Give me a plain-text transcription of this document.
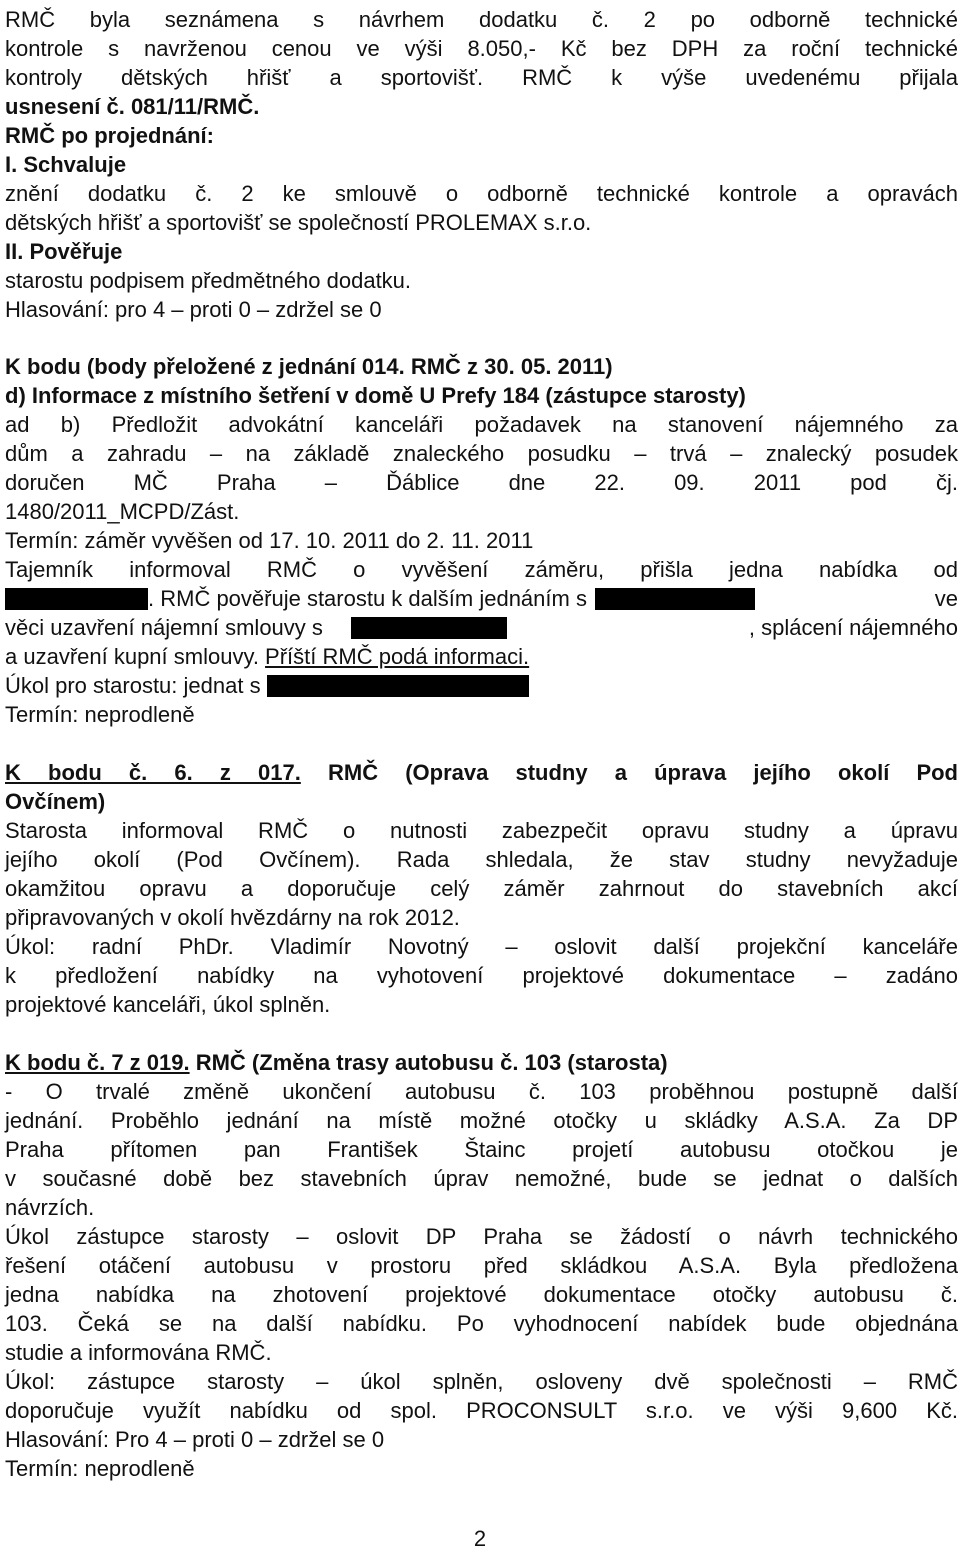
RMČ byla seznámena s návrhem dodatku č. 2 po odborně technické
kontrole s navrženou cenou ve výši 8.050,- Kč bez DPH za roční technické
kontroly dětských hřišť a sportovišť. RMČ k výše uvedenému přijala
usnesení č. 081/11/RMČ.
RMČ po projednání:
I. Schvaluje
znění dodatku č. 2 ke smlouvě o odborně technické kontrole a opravách
dětských hřišť a sportovišť se společností PROLEMAX s.r.o.
II. Pověřuje
starostu podpisem předmětného dodatku.
Hlasování: pro 4 – proti 0 – zdržel se 0
K bodu (body přeložené z jednání 014. RMČ z 30. 05. 2011)
d) Informace z místního šetření v domě U Prefy 184 (zástupce starosty)
ad b) Předložit advokátní kanceláři požadavek na stanovení nájemného za
dům a zahradu – na základě znaleckého posudku – trvá – znalecký posudek
doručen MČ Praha – Ďáblice dne 22. 09. 2011 pod čj.
1480/2011_MCPD/Zást.
Termín: záměr vyvěšen od 17. 10. 2011 do 2. 11. 2011
Tajemník informoval RMČ o vyvěšení záměru, přišla jedna nabídka od
. RMČ pověřuje starostu k dalším jednáním s	ve
věci uzavření nájemní smlouvy s	, splácení nájemného
a uzavření kupní smlouvy. Příští RMČ podá informaci.
Úkol pro starostu: jednat s
Termín: neprodleně
K bodu č. 6. z 017. RMČ (Oprava studny a úprava jejího okolí Pod
Ovčínem)
Starosta informoval RMČ o nutnosti zabezpečit opravu studny a úpravu
jejího okolí (Pod Ovčínem). Rada shledala, že stav studny nevyžaduje
okamžitou opravu a doporučuje celý záměr zahrnout do stavebních akcí
připravovaných v okolí hvězdárny na rok 2012.
Úkol: radní PhDr. Vladimír Novotný – oslovit další projekční kanceláře
k předložení nabídky na vyhotovení projektové dokumentace – zadáno
projektové kanceláři, úkol splněn.
K bodu č. 7 z 019. RMČ (Změna trasy autobusu č. 103 (starosta)
- O trvalé změně ukončení autobusu č. 103 proběhnou postupně další
jednání. Proběhlo jednání na místě možné otočky u skládky A.S.A. Za DP
Praha přítomen pan František Štainc projetí autobusu otočkou je
v současné době bez stavebních úprav nemožné, bude se jednat o dalších
návrzích.
Úkol zástupce starosty – oslovit DP Praha se žádostí o návrh technického
řešení otáčení autobusu v prostoru před skládkou A.S.A. Byla předložena
jedna nabídka na zhotovení projektové dokumentace otočky autobusu č.
103. Čeká se na další nabídku. Po vyhodnocení nabídek bude objednána
studie a informována RMČ.
Úkol: zástupce starosty – úkol splněn, osloveny dvě společnosti – RMČ
doporučuje využít nabídku od spol. PROCONSULT s.r.o. ve výši 9,600 Kč.
Hlasování: Pro 4 – proti 0 – zdržel se 0
Termín: neprodleně
2
